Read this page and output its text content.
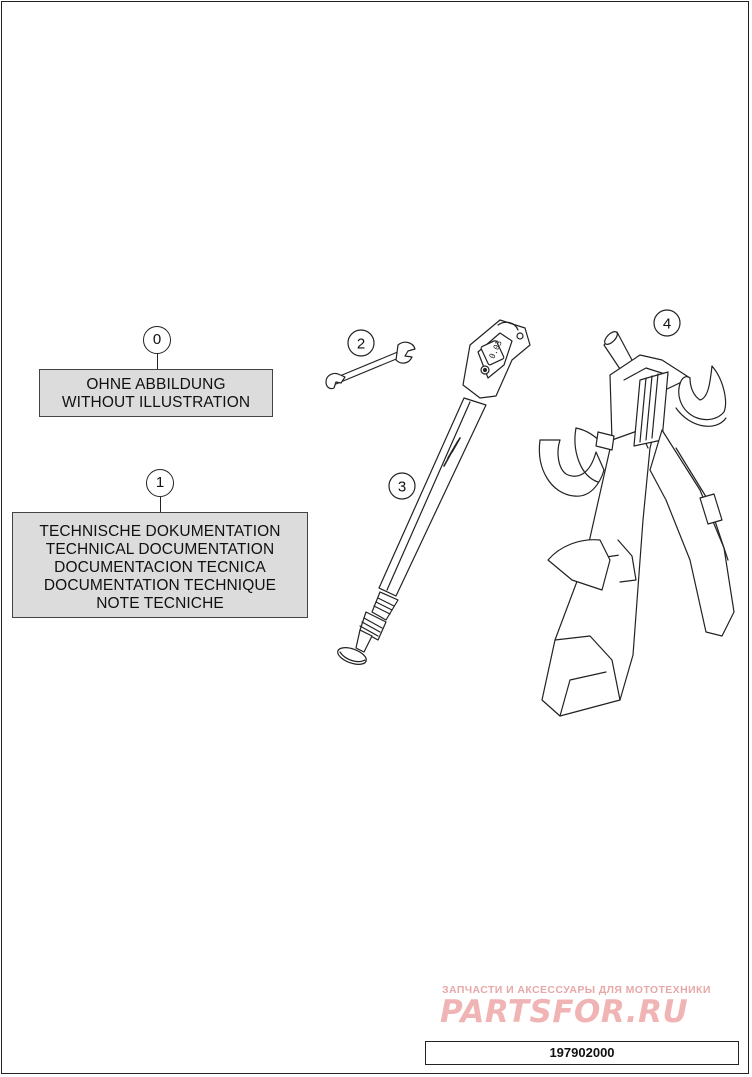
0
OHNE ABBILDUNG
WITHOUT ILLUSTRATION
1
TECHNISCHE DOKUMENTATION
TECHNICAL DOCUMENTATION
DOCUMENTACION TECNICA
DOCUMENTATION TECHNIQUE
NOTE TECNICHE
0.03
2
3
4
ЗАПЧАСТИ И АКСЕССУАРЫ ДЛЯ МОТОТЕХНИКИ
PARTSFOR.RU
197902000
